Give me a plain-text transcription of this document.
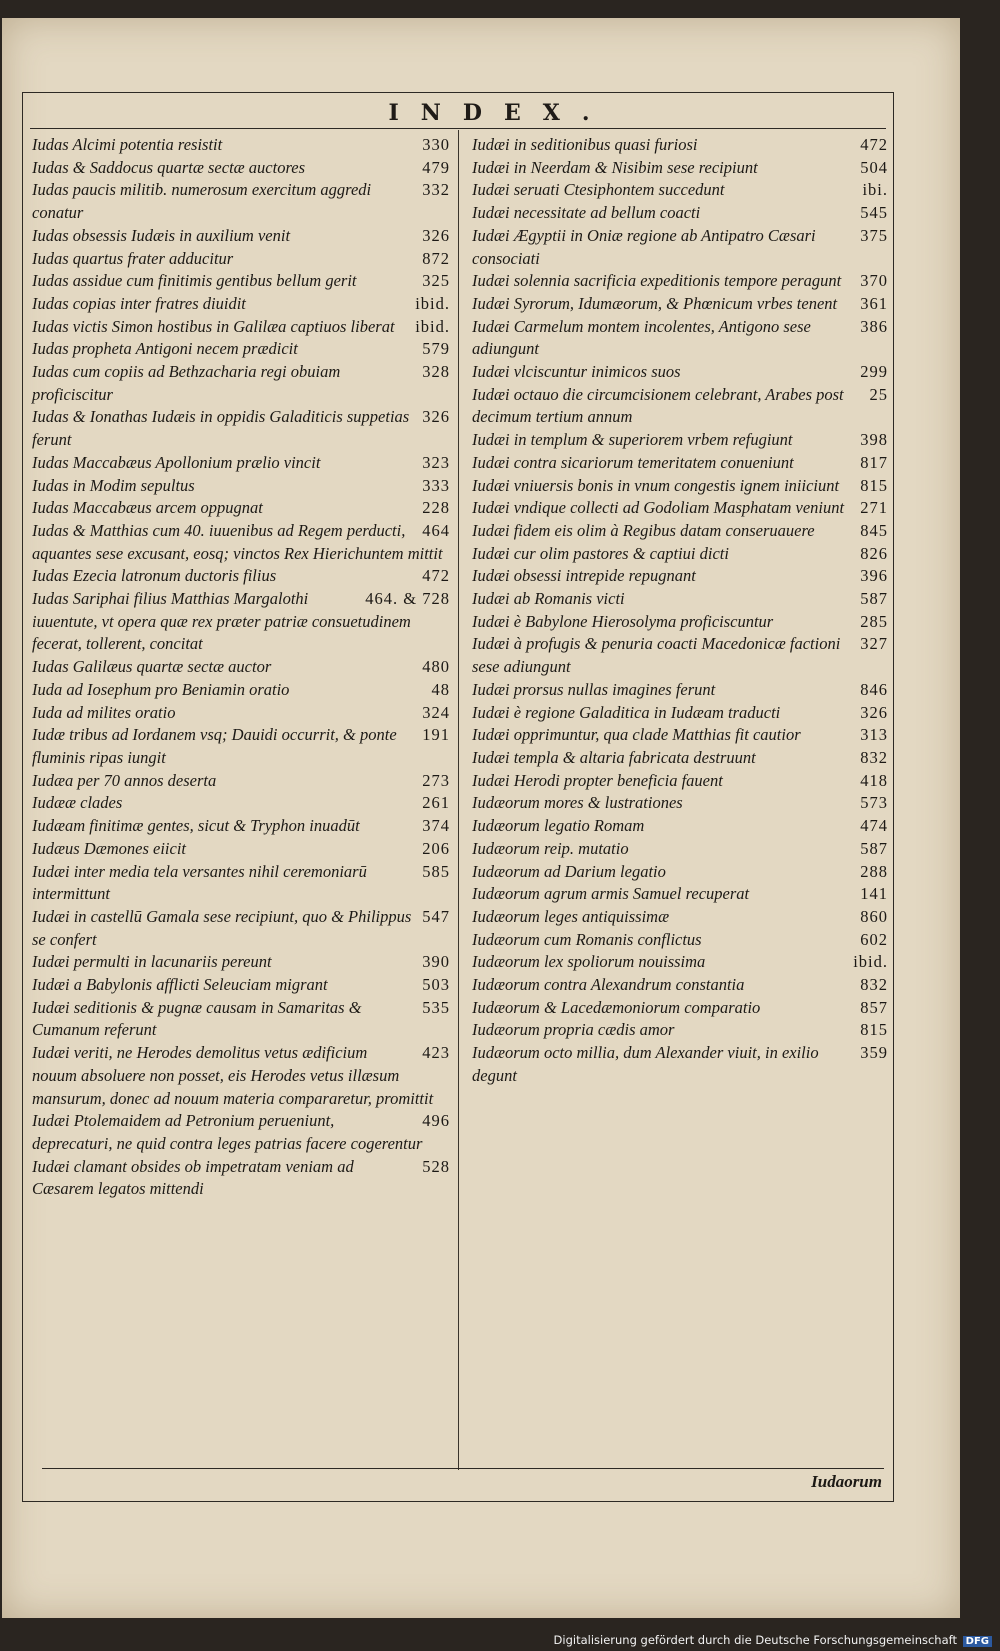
INDEX.
330
Iudas Alcimi potentia resistit
479
Iudas & Saddocus quartæ sectæ auctores
332
Iudas paucis militib. numerosum exercitum aggredi conatur
326
Iudas obsessis Iudæis in auxilium venit
872
Iudas quartus frater adducitur
325
Iudas assidue cum finitimis gentibus bellum gerit
ibid.
Iudas copias inter fratres diuidit
ibid.
Iudas victis Simon hostibus in Galilæa captiuos liberat
579
Iudas propheta Antigoni necem prædicit
328
Iudas cum copiis ad Bethzacharia regi obuiam proficiscitur
326
Iudas & Ionathas Iudæis in oppidis Galaditicis suppetias ferunt
323
Iudas Maccabæus Apollonium prælio vincit
333
Iudas in Modim sepultus
228
Iudas Maccabæus arcem oppugnat
464
Iudas & Matthias cum 40. iuuenibus ad Regem perducti, aquantes sese excusant, eosq; vinctos Rex Hierichuntem mittit
472
Iudas Ezecia latronum ductoris filius
464. & 728
Iudas Sariphai filius Matthias Margalothi iuuentute, vt opera quæ rex præter patriæ consuetudinem fecerat, tollerent, concitat
480
Iudas Galilæus quartæ sectæ auctor
48
Iuda ad Iosephum pro Beniamin oratio
324
Iuda ad milites oratio
191
Iudæ tribus ad Iordanem vsq; Dauidi occurrit, & ponte fluminis ripas iungit
273
Iudæa per 70 annos deserta
261
Iudææ clades
374
Iudæam finitimæ gentes, sicut & Tryphon inuadūt
206
Iudæus Dæmones eiicit
585
Iudæi inter media tela versantes nihil ceremoniarū intermittunt
547
Iudæi in castellū Gamala sese recipiunt, quo & Philippus se confert
390
Iudæi permulti in lacunariis pereunt
503
Iudæi a Babylonis afflicti Seleuciam migrant
535
Iudæi seditionis & pugnæ causam in Samaritas & Cumanum referunt
423
Iudæi veriti, ne Herodes demolitus vetus ædificium nouum absoluere non posset, eis Herodes vetus illæsum mansurum, donec ad nouum materia compararetur, promittit
496
Iudæi Ptolemaidem ad Petronium perueniunt, deprecaturi, ne quid contra leges patrias facere cogerentur
528
Iudæi clamant obsides ob impetratam veniam ad Cæsarem legatos mittendi
472
Iudæi in seditionibus quasi furiosi
504
Iudæi in Neerdam & Nisibim sese recipiunt
ibi.
Iudæi seruati Ctesiphontem succedunt
545
Iudæi necessitate ad bellum coacti
375
Iudæi Ægyptii in Oniæ regione ab Antipatro Cæsari consociati
370
Iudæi solennia sacrificia expeditionis tempore peragunt
361
Iudæi Syrorum, Idumæorum, & Phœnicum vrbes tenent
386
Iudæi Carmelum montem incolentes, Antigono sese adiungunt
299
Iudæi vlciscuntur inimicos suos
25
Iudæi octauo die circumcisionem celebrant, Arabes post decimum tertium annum
398
Iudæi in templum & superiorem vrbem refugiunt
817
Iudæi contra sicariorum temeritatem conueniunt
815
Iudæi vniuersis bonis in vnum congestis ignem iniiciunt
271
Iudæi vndique collecti ad Godoliam Masphatam veniunt
845
Iudæi fidem eis olim à Regibus datam conseruauere
826
Iudæi cur olim pastores & captiui dicti
396
Iudæi obsessi intrepide repugnant
587
Iudæi ab Romanis victi
285
Iudæi è Babylone Hierosolyma proficiscuntur
327
Iudæi à profugis & penuria coacti Macedonicæ factioni sese adiungunt
846
Iudæi prorsus nullas imagines ferunt
326
Iudæi è regione Galaditica in Iudæam traducti
313
Iudæi opprimuntur, qua clade Matthias fit cautior
832
Iudæi templa & altaria fabricata destruunt
418
Iudæi Herodi propter beneficia fauent
573
Iudæorum mores & lustrationes
474
Iudæorum legatio Romam
587
Iudæorum reip. mutatio
288
Iudæorum ad Darium legatio
141
Iudæorum agrum armis Samuel recuperat
860
Iudæorum leges antiquissimæ
602
Iudæorum cum Romanis conflictus
ibid.
Iudæorum lex spoliorum nouissima
832
Iudæorum contra Alexandrum constantia
857
Iudæorum & Lacedæmoniorum comparatio
815
Iudæorum propria cædis amor
359
Iudæorum octo millia, dum Alexander viuit, in exilio degunt
Iudaorum
Digitalisierung gefördert durch die Deutsche Forschungsgemeinschaft DFG
